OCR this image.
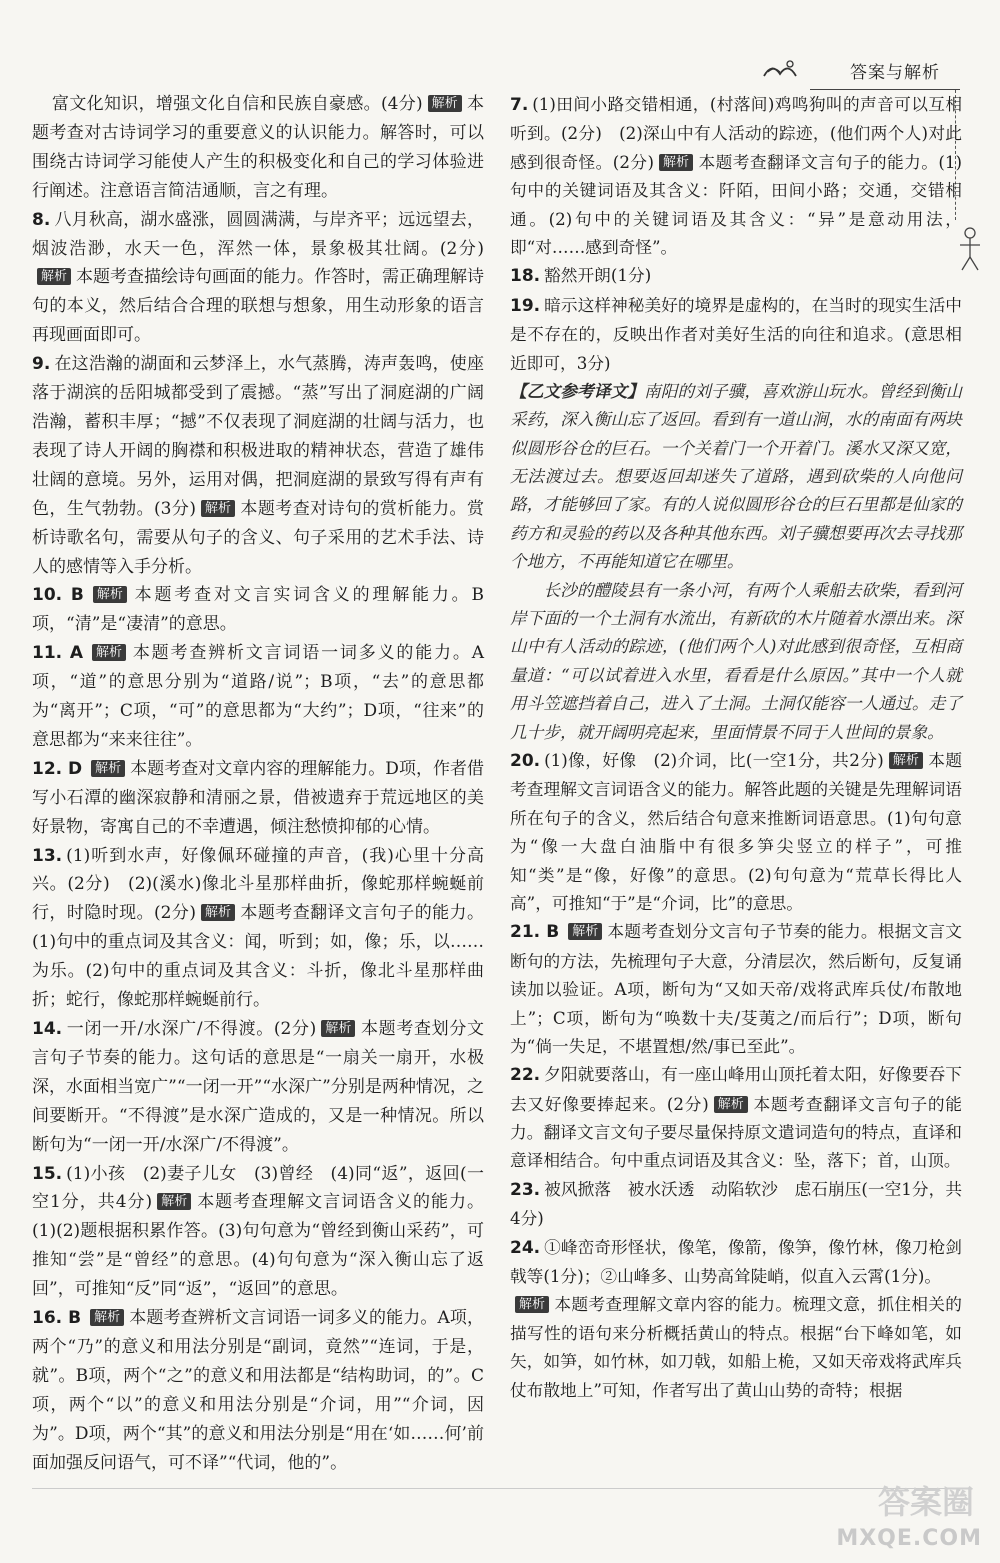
答案与解析

富文化知识，增强文化自信和民族自豪感。(4分) 解析 本题考查对古诗词学习的重要意义的认识能力。解答时，可以围绕古诗词学习能使人产生的积极变化和自己的学习体验进行阐述。注意语言简洁通顺，言之有理。

8. 八月秋高，湖水盛涨，圆圆满满，与岸齐平；远远望去，烟波浩渺，水天一色，浑然一体，景象极其壮阔。(2分)解析 本题考查描绘诗句画面的能力。作答时，需正确理解诗句的本义，然后结合合理的联想与想象，用生动形象的语言再现画面即可。

9. 在这浩瀚的湖面和云梦泽上，水气蒸腾，涛声轰鸣，使座落于湖滨的岳阳城都受到了震撼。“蒸”写出了洞庭湖的广阔浩瀚，蓄积丰厚；“撼”不仅表现了洞庭湖的壮阔与活力，也表现了诗人开阔的胸襟和积极进取的精神状态，营造了雄伟壮阔的意境。另外，运用对偶，把洞庭湖的景致写得有声有色，生气勃勃。(3分) 解析 本题考查对诗句的赏析能力。赏析诗歌名句，需要从句子的含义、句子采用的艺术手法、诗人的感情等入手分析。

10. B 解析 本题考查对文言实词含义的理解能力。B项，“清”是“凄清”的意思。

11. A 解析 本题考查辨析文言词语一词多义的能力。A项，“道”的意思分别为“道路/说”；B项，“去”的意思都为“离开”；C项，“可”的意思都为“大约”；D项，“往来”的意思都为“来来往往”。

12. D 解析 本题考查对文章内容的理解能力。D项，作者借写小石潭的幽深寂静和清丽之景，借被遗弃于荒远地区的美好景物，寄寓自己的不幸遭遇，倾注愁愤抑郁的心情。

13. (1)听到水声，好像佩环碰撞的声音，(我)心里十分高兴。(2分)　(2)(溪水)像北斗星那样曲折，像蛇那样蜿蜒前行，时隐时现。(2分) 解析 本题考查翻译文言句子的能力。(1)句中的重点词及其含义：闻，听到；如，像；乐，以……为乐。(2)句中的重点词及其含义：斗折，像北斗星那样曲折；蛇行，像蛇那样蜿蜒前行。

14. 一闭一开/水深广/不得渡。(2分) 解析 本题考查划分文言句子节奏的能力。这句话的意思是“一扇关一扇开，水极深，水面相当宽广”“一闭一开”“水深广”分别是两种情况，之间要断开。“不得渡”是水深广造成的，又是一种情况。所以断句为“一闭一开/水深广/不得渡”。

15. (1)小孩　(2)妻子儿女　(3)曾经　(4)同“返”，返回(一空1分，共4分) 解析 本题考查理解文言词语含义的能力。(1)(2)题根据积累作答。(3)句句意为“曾经到衡山采药”，可推知“尝”是“曾经”的意思。(4)句句意为“深入衡山忘了返回”，可推知“反”同“返”，“返回”的意思。

16. B 解析 本题考查辨析文言词语一词多义的能力。A项，两个“乃”的意义和用法分别是“副词，竟然”“连词，于是，就”。B项，两个“之”的意义和用法都是“结构助词，的”。C项，两个“以”的意义和用法分别是“介词，用”“介词，因为”。D项，两个“其”的意义和用法分别是“用在‘如……何’前面加强反问语气，可不译”“代词，他的”。

7. (1)田间小路交错相通，(村落间)鸡鸣狗叫的声音可以互相听到。(2分)　(2)深山中有人活动的踪迹，(他们两个人)对此感到很奇怪。(2分) 解析 本题考查翻译文言句子的能力。(1)句中的关键词语及其含义：阡陌，田间小路；交通，交错相通。(2)句中的关键词语及其含义：“异”是意动用法，即“对……感到奇怪”。

18. 豁然开朗(1分)

19. 暗示这样神秘美好的境界是虚构的，在当时的现实生活中是不存在的，反映出作者对美好生活的向往和追求。(意思相近即可，3分)

【乙文参考译文】南阳的刘子骥，喜欢游山玩水。曾经到衡山采药，深入衡山忘了返回。看到有一道山涧，水的南面有两块似圆形谷仓的巨石。一个关着门一个开着门。溪水又深又宽，无法渡过去。想要返回却迷失了道路，遇到砍柴的人向他问路，才能够回了家。有的人说似圆形谷仓的巨石里都是仙家的药方和灵验的药以及各种其他东西。刘子骥想要再次去寻找那个地方，不再能知道它在哪里。

长沙的醴陵县有一条小河，有两个人乘船去砍柴，看到河岸下面的一个土洞有水流出，有新砍的木片随着水漂出来。深山中有人活动的踪迹，(他们两个人)对此感到很奇怪，互相商量道：“可以试着进入水里，看看是什么原因。”其中一个人就用斗笠遮挡着自己，进入了土洞。土洞仅能容一人通过。走了几十步，就开阔明亮起来，里面情景不同于人世间的景象。

20. (1)像，好像　(2)介词，比(一空1分，共2分) 解析 本题考查理解文言词语含义的能力。解答此题的关键是先理解词语所在句子的含义，然后结合句意来推断词语意思。(1)句句意为“像一大盘白油脂中有很多笋尖竖立的样子”，可推知“类”是“像，好像”的意思。(2)句句意为“荒草长得比人高”，可推知“于”是“介词，比”的意思。

21. B 解析 本题考查划分文言句子节奏的能力。根据文言文断句的方法，先梳理句子大意，分清层次，然后断句，反复诵读加以验证。A项，断句为“又如天帝/戏将武库兵仗/布散地上”；C项，断句为“唤数十夫/芟荑之/而后行”；D项，断句为“倘一失足，不堪置想/然/事已至此”。

22. 夕阳就要落山，有一座山峰用山顶托着太阳，好像要吞下去又好像要捧起来。(2分) 解析 本题考查翻译文言句子的能力。翻译文言文句子要尽量保持原文遣词造句的特点，直译和意译相结合。句中重点词语及其含义：坠，落下；首，山顶。

23. 被风掀落　被水沃透　动陷软沙　虑石崩压(一空1分，共4分)

24. ①峰峦奇形怪状，像笔，像箭，像笋，像竹林，像刀枪剑戟等(1分)；②山峰多、山势高耸陡峭，似直入云霄(1分)。
解析 本题考查理解文章内容的能力。梳理文意，抓住相关的描写性的语句来分析概括黄山的特点。根据“台下峰如笔，如矢，如笋，如竹林，如刀戟，如船上桅，又如天帝戏将武库兵仗布散地上”可知，作者写出了黄山山势的奇特；根据

答案圈
MXQE.COM
